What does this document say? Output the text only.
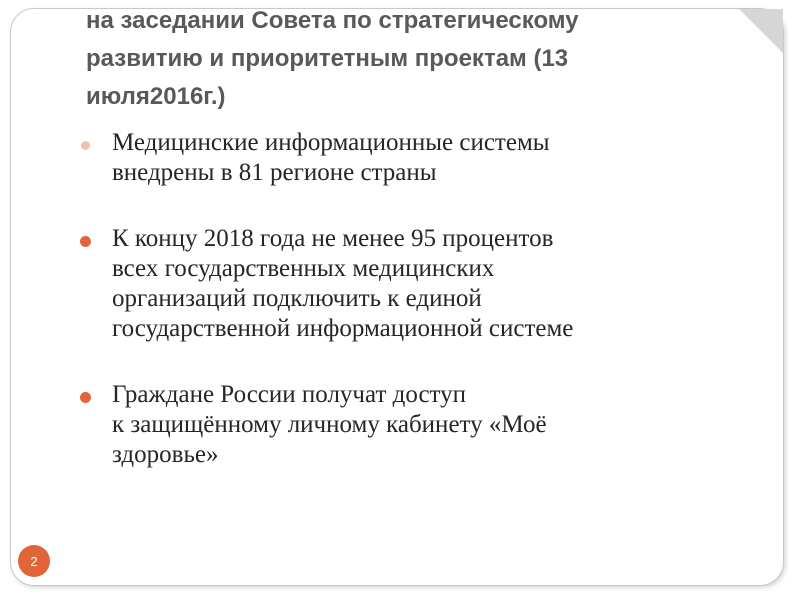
на заседании Совета по стратегическому
развитию и приоритетным проектам (13
июля2016г.)
Медицинские информационные системы
внедрены в 81 регионе страны
К концу 2018 года не менее 95 процентов
всех государственных медицинских
организаций подключить к единой
государственной информационной системе
Граждане России получат доступ
к защищённому личному кабинету «Моё
здоровье»
2
